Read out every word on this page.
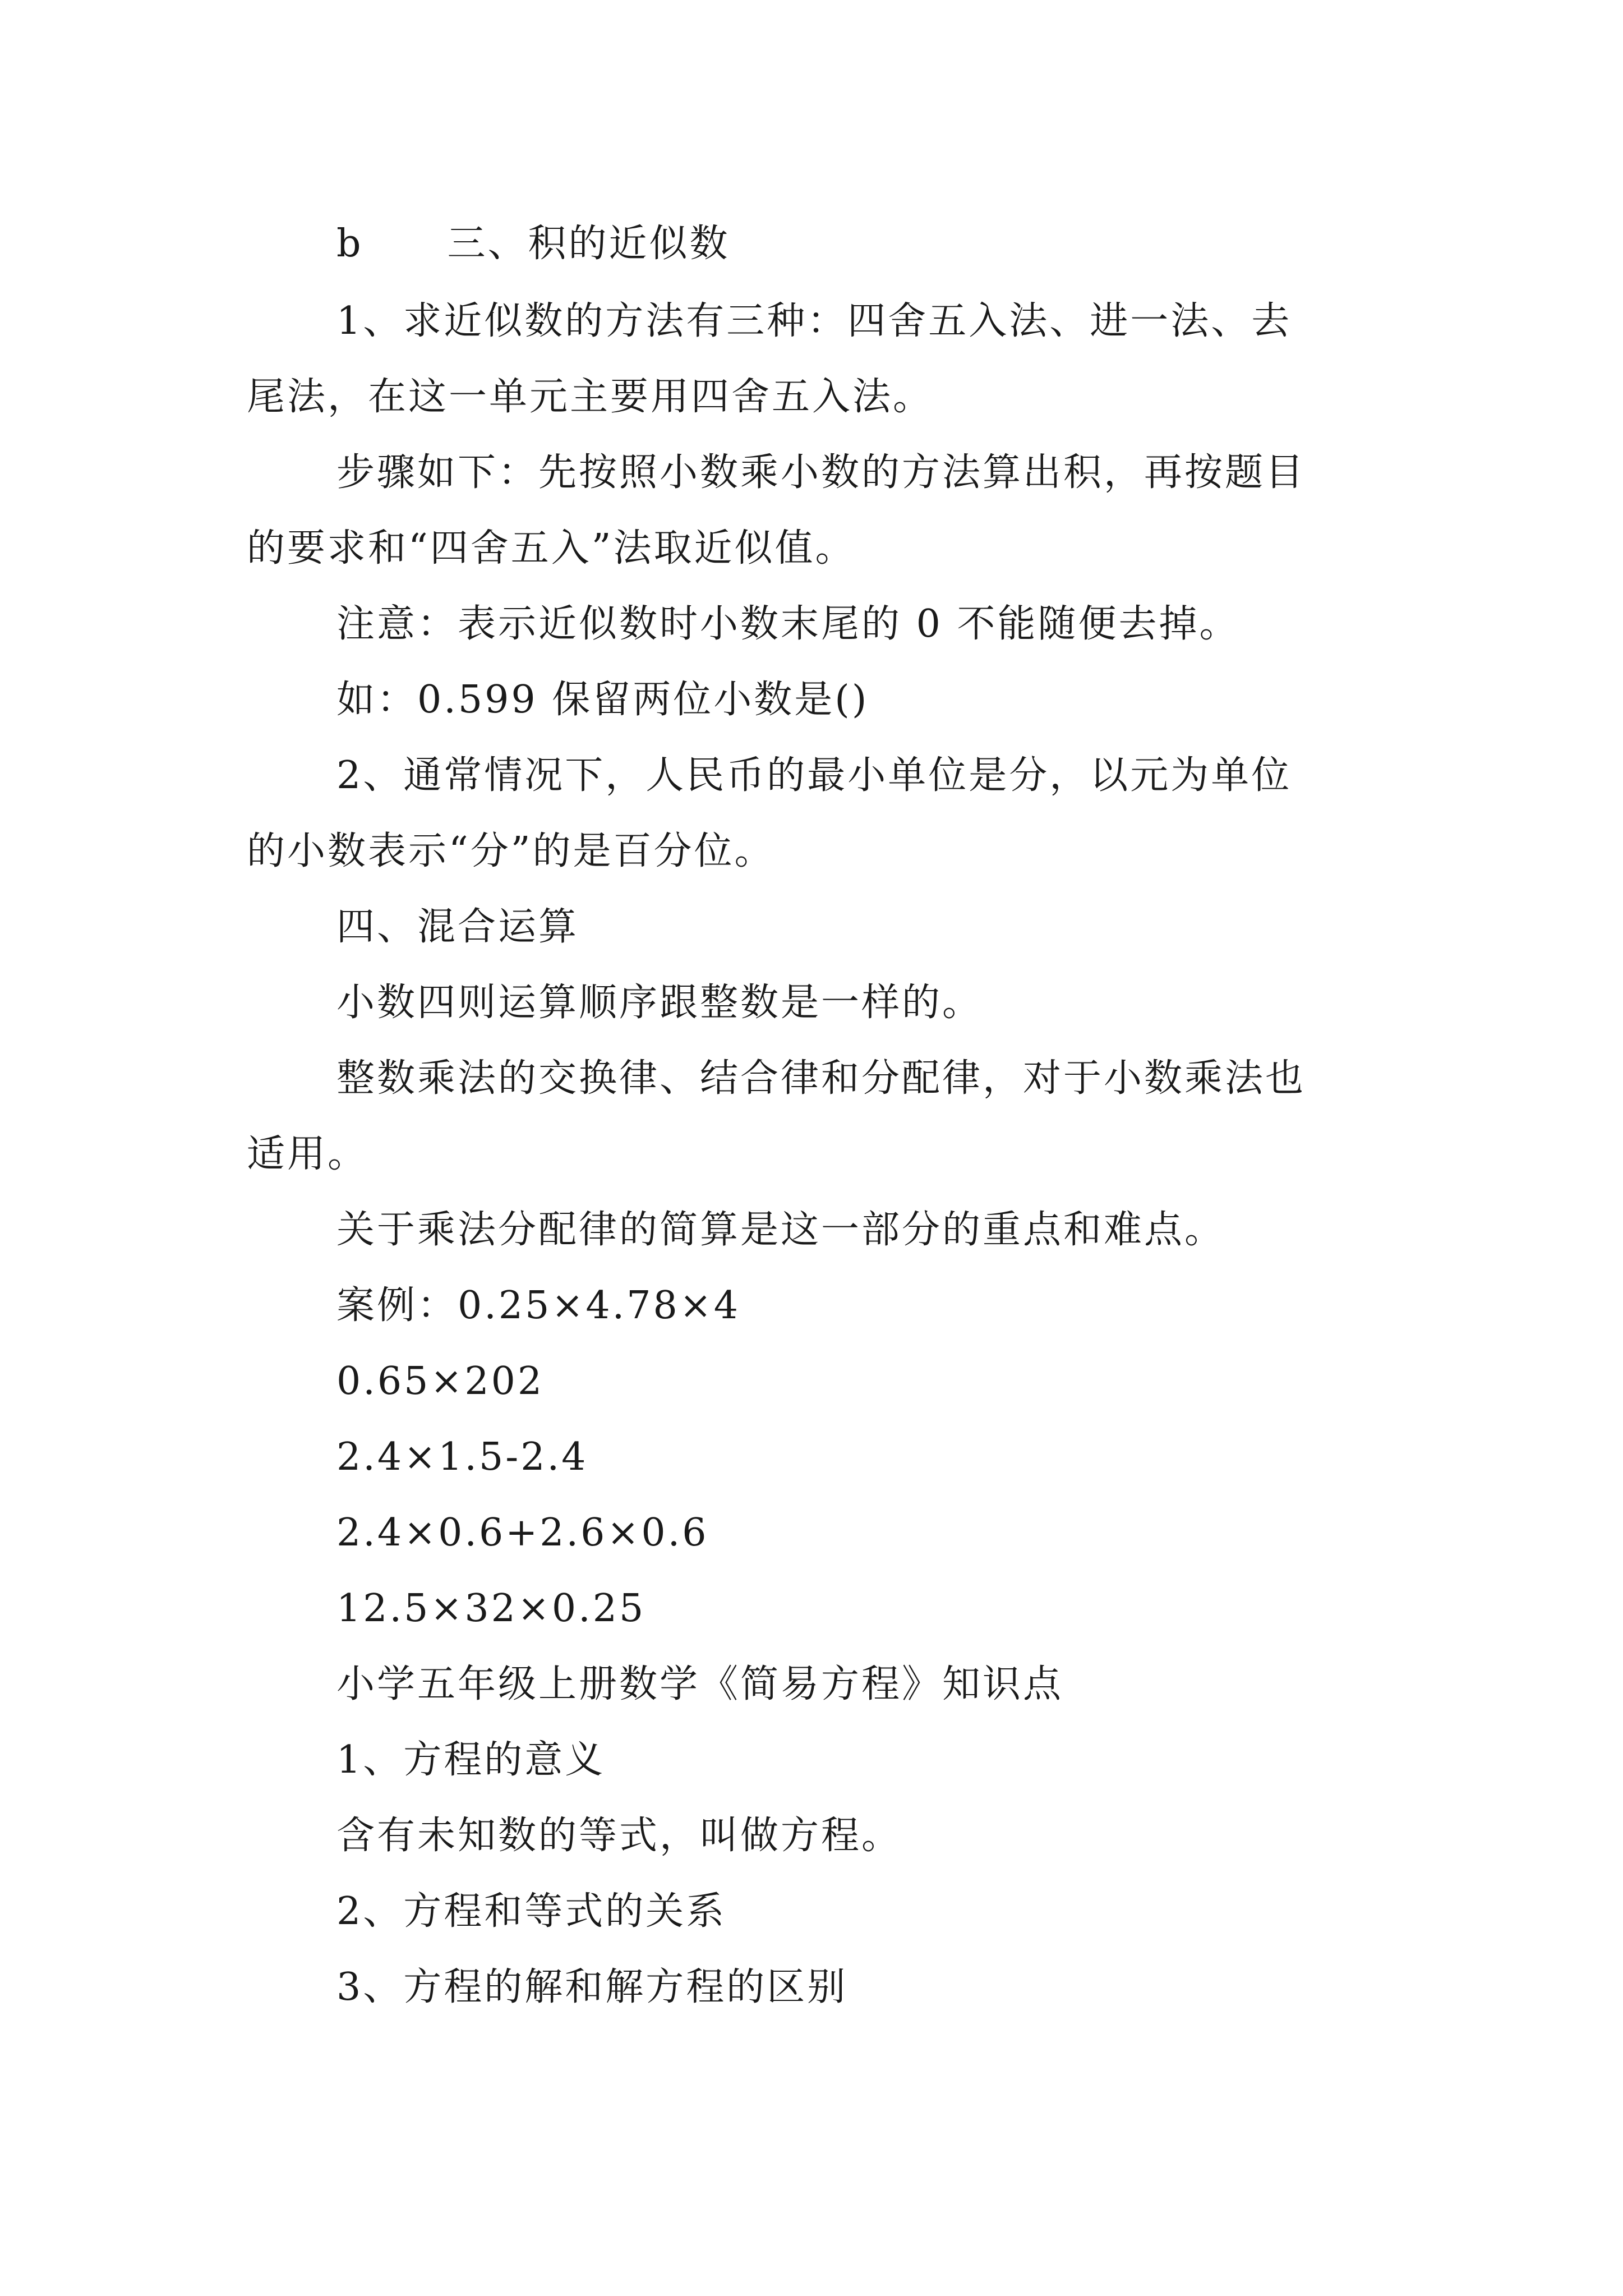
b 三、积的近似数

1、求近似数的方法有三种：四舍五入法、进一法、去

尾法，在这一单元主要用四舍五入法。

步骤如下：先按照小数乘小数的方法算出积，再按题目

的要求和“四舍五入”法取近似值。

注意：表示近似数时小数末尾的 0 不能随便去掉。

如：0.599 保留两位小数是()

2、通常情况下，人民币的最小单位是分，以元为单位

的小数表示“分”的是百分位。

四、混合运算

小数四则运算顺序跟整数是一样的。

整数乘法的交换律、结合律和分配律，对于小数乘法也

适用。

关于乘法分配律的简算是这一部分的重点和难点。

案例：0.25×4.78×4

0.65×202

2.4×1.5-2.4

2.4×0.6+2.6×0.6

12.5×32×0.25

小学五年级上册数学《简易方程》知识点

1、方程的意义

含有未知数的等式，叫做方程。

2、方程和等式的关系

3、方程的解和解方程的区别
